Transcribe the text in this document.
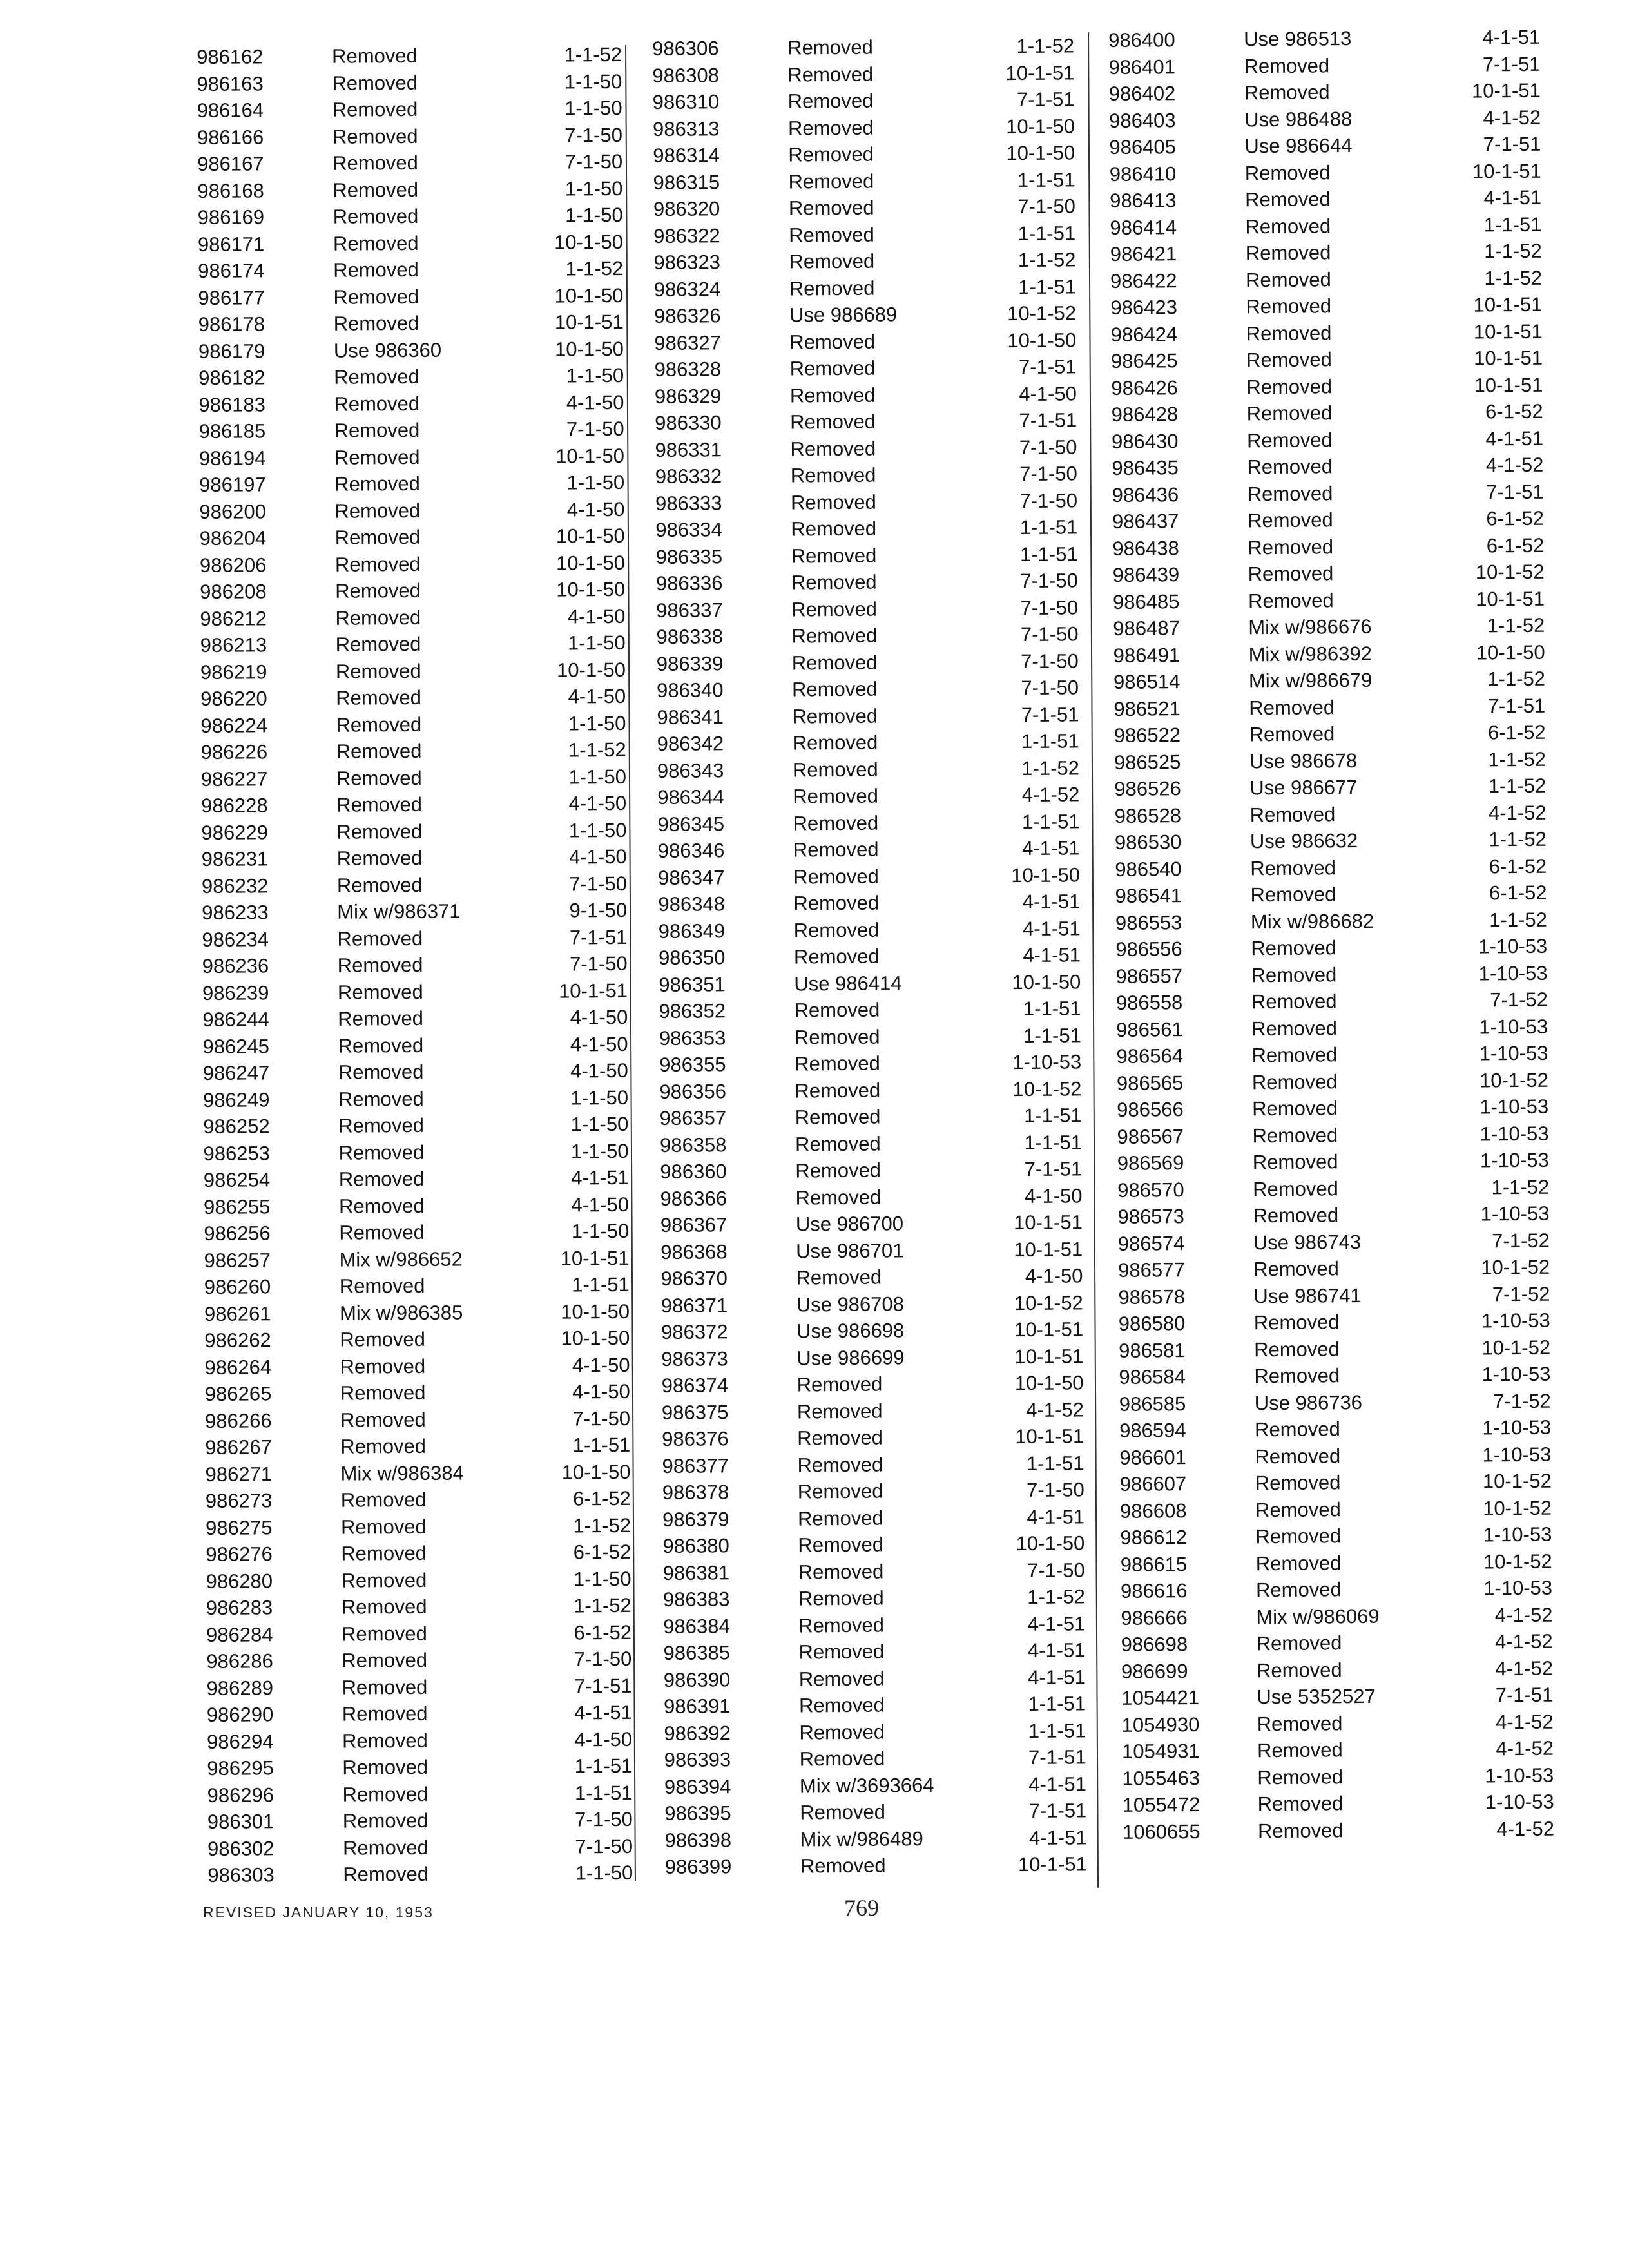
986162	Removed	1-1-52
986163	Removed	1-1-50
986164	Removed	1-1-50
986166	Removed	7-1-50
986167	Removed	7-1-50
986168	Removed	1-1-50
986169	Removed	1-1-50
986171	Removed	10-1-50
986174	Removed	1-1-52
986177	Removed	10-1-50
986178	Removed	10-1-51
986179	Use 986360	10-1-50
986182	Removed	1-1-50
986183	Removed	4-1-50
986185	Removed	7-1-50
986194	Removed	10-1-50
986197	Removed	1-1-50
986200	Removed	4-1-50
986204	Removed	10-1-50
986206	Removed	10-1-50
986208	Removed	10-1-50
986212	Removed	4-1-50
986213	Removed	1-1-50
986219	Removed	10-1-50
986220	Removed	4-1-50
986224	Removed	1-1-50
986226	Removed	1-1-52
986227	Removed	1-1-50
986228	Removed	4-1-50
986229	Removed	1-1-50
986231	Removed	4-1-50
986232	Removed	7-1-50
986233	Mix w/986371	9-1-50
986234	Removed	7-1-51
986236	Removed	7-1-50
986239	Removed	10-1-51
986244	Removed	4-1-50
986245	Removed	4-1-50
986247	Removed	4-1-50
986249	Removed	1-1-50
986252	Removed	1-1-50
986253	Removed	1-1-50
986254	Removed	4-1-51
986255	Removed	4-1-50
986256	Removed	1-1-50
986257	Mix w/986652	10-1-51
986260	Removed	1-1-51
986261	Mix w/986385	10-1-50
986262	Removed	10-1-50
986264	Removed	4-1-50
986265	Removed	4-1-50
986266	Removed	7-1-50
986267	Removed	1-1-51
986271	Mix w/986384	10-1-50
986273	Removed	6-1-52
986275	Removed	1-1-52
986276	Removed	6-1-52
986280	Removed	1-1-50
986283	Removed	1-1-52
986284	Removed	6-1-52
986286	Removed	7-1-50
986289	Removed	7-1-51
986290	Removed	4-1-51
986294	Removed	4-1-50
986295	Removed	1-1-51
986296	Removed	1-1-51
986301	Removed	7-1-50
986302	Removed	7-1-50
986303	Removed	1-1-50
986306	Removed	1-1-52
986308	Removed	10-1-51
986310	Removed	7-1-51
986313	Removed	10-1-50
986314	Removed	10-1-50
986315	Removed	1-1-51
986320	Removed	7-1-50
986322	Removed	1-1-51
986323	Removed	1-1-52
986324	Removed	1-1-51
986326	Use 986689	10-1-52
986327	Removed	10-1-50
986328	Removed	7-1-51
986329	Removed	4-1-50
986330	Removed	7-1-51
986331	Removed	7-1-50
986332	Removed	7-1-50
986333	Removed	7-1-50
986334	Removed	1-1-51
986335	Removed	1-1-51
986336	Removed	7-1-50
986337	Removed	7-1-50
986338	Removed	7-1-50
986339	Removed	7-1-50
986340	Removed	7-1-50
986341	Removed	7-1-51
986342	Removed	1-1-51
986343	Removed	1-1-52
986344	Removed	4-1-52
986345	Removed	1-1-51
986346	Removed	4-1-51
986347	Removed	10-1-50
986348	Removed	4-1-51
986349	Removed	4-1-51
986350	Removed	4-1-51
986351	Use 986414	10-1-50
986352	Removed	1-1-51
986353	Removed	1-1-51
986355	Removed	1-10-53
986356	Removed	10-1-52
986357	Removed	1-1-51
986358	Removed	1-1-51
986360	Removed	7-1-51
986366	Removed	4-1-50
986367	Use 986700	10-1-51
986368	Use 986701	10-1-51
986370	Removed	4-1-50
986371	Use 986708	10-1-52
986372	Use 986698	10-1-51
986373	Use 986699	10-1-51
986374	Removed	10-1-50
986375	Removed	4-1-52
986376	Removed	10-1-51
986377	Removed	1-1-51
986378	Removed	7-1-50
986379	Removed	4-1-51
986380	Removed	10-1-50
986381	Removed	7-1-50
986383	Removed	1-1-52
986384	Removed	4-1-51
986385	Removed	4-1-51
986390	Removed	4-1-51
986391	Removed	1-1-51
986392	Removed	1-1-51
986393	Removed	7-1-51
986394	Mix w/3693664	4-1-51
986395	Removed	7-1-51
986398	Mix w/986489	4-1-51
986399	Removed	10-1-51
986400	Use 986513	4-1-51
986401	Removed	7-1-51
986402	Removed	10-1-51
986403	Use 986488	4-1-52
986405	Use 986644	7-1-51
986410	Removed	10-1-51
986413	Removed	4-1-51
986414	Removed	1-1-51
986421	Removed	1-1-52
986422	Removed	1-1-52
986423	Removed	10-1-51
986424	Removed	10-1-51
986425	Removed	10-1-51
986426	Removed	10-1-51
986428	Removed	6-1-52
986430	Removed	4-1-51
986435	Removed	4-1-52
986436	Removed	7-1-51
986437	Removed	6-1-52
986438	Removed	6-1-52
986439	Removed	10-1-52
986485	Removed	10-1-51
986487	Mix w/986676	1-1-52
986491	Mix w/986392	10-1-50
986514	Mix w/986679	1-1-52
986521	Removed	7-1-51
986522	Removed	6-1-52
986525	Use 986678	1-1-52
986526	Use 986677	1-1-52
986528	Removed	4-1-52
986530	Use 986632	1-1-52
986540	Removed	6-1-52
986541	Removed	6-1-52
986553	Mix w/986682	1-1-52
986556	Removed	1-10-53
986557	Removed	1-10-53
986558	Removed	7-1-52
986561	Removed	1-10-53
986564	Removed	1-10-53
986565	Removed	10-1-52
986566	Removed	1-10-53
986567	Removed	1-10-53
986569	Removed	1-10-53
986570	Removed	1-1-52
986573	Removed	1-10-53
986574	Use 986743	7-1-52
986577	Removed	10-1-52
986578	Use 986741	7-1-52
986580	Removed	1-10-53
986581	Removed	10-1-52
986584	Removed	1-10-53
986585	Use 986736	7-1-52
986594	Removed	1-10-53
986601	Removed	1-10-53
986607	Removed	10-1-52
986608	Removed	10-1-52
986612	Removed	1-10-53
986615	Removed	10-1-52
986616	Removed	1-10-53
986666	Mix w/986069	4-1-52
986698	Removed	4-1-52
986699	Removed	4-1-52
1054421	Use 5352527	7-1-51
1054930	Removed	4-1-52
1054931	Removed	4-1-52
1055463	Removed	1-10-53
1055472	Removed	1-10-53
1060655	Removed	4-1-52
REVISED JANUARY 10, 1953	769
